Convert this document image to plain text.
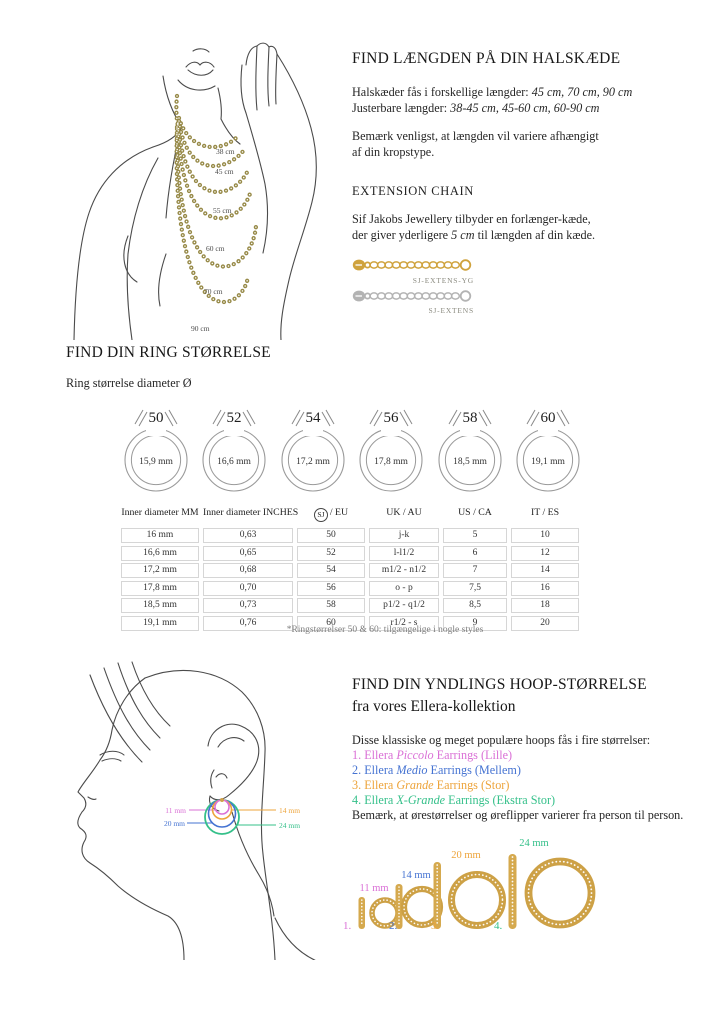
38 cm
45 cm
55 cm
60 cm
70 cm
90 cm
FIND LÆNGDEN PÅ DIN HALSKÆDE
Halskæder fås i forskellige længder: 45 cm, 70 cm, 90 cm
Justerbare længder: 38-45 cm, 45-60 cm, 60-90 cm
Bemærk venligst, at længden vil variere afhængigt
af din kropstype.
EXTENSION CHAIN
Sif Jakobs Jewellery tilbyder en forlænger-kæde,
der giver yderligere 5 cm til længden af din kæde.
SJ-EXTENS-YG
SJ-EXTENS
FIND DIN RING STØRRELSE
Ring størrelse diameter Ø
50
15,9 mm
52
16,6 mm
54
17,2 mm
56
17,8 mm
58
18,5 mm
60
19,1 mm
Inner diameter MM Inner diameter INCHES	SJ / EU	UK / AU	US / CA	IT / ES
16 mm	0,63	50	j-k	5	10
16,6 mm	0,65	52	l-l1/2	6	12
17,2 mm	0,68	54	m1/2 - n1/2	7	14
17,8 mm	0,70	56	o - p	7,5	16
18,5 mm	0,73	58	p1/2 - q1/2	8,5	18
19,1 mm	0,76	60	r1/2 - s	9	20
*Ringstørrelser 50 & 60: tilgængelige i nogle styles
11 mm
20 mm
14 mm
24 mm
FIND DIN YNDLINGS HOOP-STØRRELSE
fra vores Ellera-kollektion
Disse klassiske og meget populære hoops fås i fire størrelser:
1. Ellera Piccolo Earrings (Lille)
2. Ellera Medio Earrings (Mellem)
3. Ellera Grande Earrings (Stor)
4. Ellera X-Grande Earrings (Ekstra Stor)
Bemærk, at ørestørrelser og øreflipper varierer fra person til person.
11 mm
1.
14 mm
2.
20 mm
3.
24 mm
4.
